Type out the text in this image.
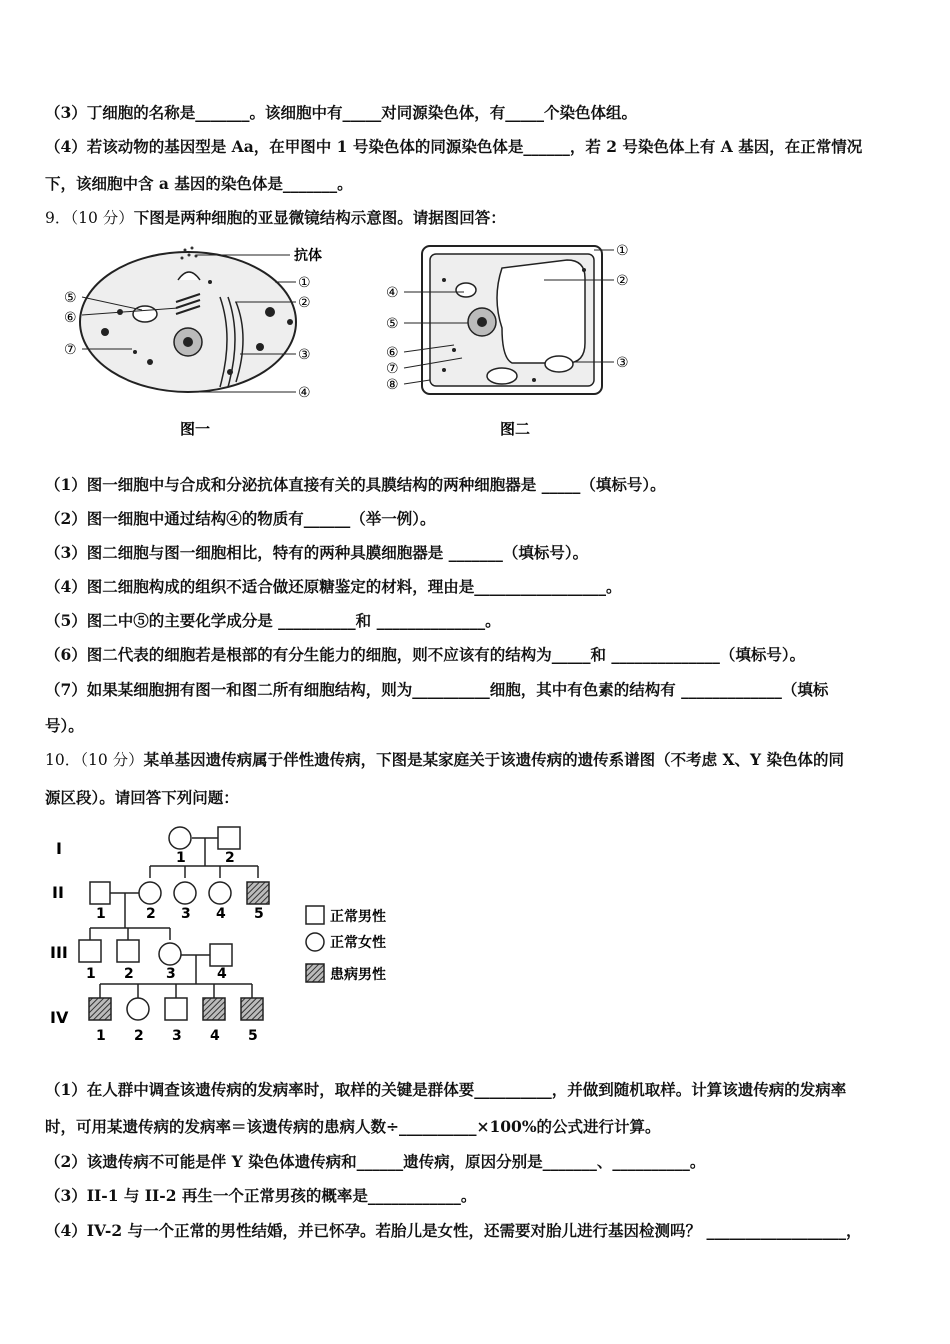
（3）丁细胞的名称是_______。该细胞中有_____对同源染色体，有_____个染色体组。
（4）若该动物的基因型是 Aa，在甲图中 1 号染色体的同源染色体是______，若 2 号染色体上有 A 基因，在正常情况
下，该细胞中含 a 基因的染色体是_______。
9．（10 分）下图是两种细胞的亚显微镜结构示意图。请据图回答：
抗体
①
②
③
④
⑤
⑥
⑦
图一
①
②
③
④
⑤
⑥
⑦
⑧
图二
（1）图一细胞中与合成和分泌抗体直接有关的具膜结构的两种细胞器是 _____（填标号）。
（2）图一细胞中通过结构④的物质有______（举一例）。
（3）图二细胞与图一细胞相比，特有的两种具膜细胞器是 _______（填标号）。
（4）图二细胞构成的组织不适合做还原糖鉴定的材料，理由是_________________。
（5）图二中⑤的主要化学成分是 __________和 ______________。
（6）图二代表的细胞若是根部的有分生能力的细胞，则不应该有的结构为_____和 ______________（填标号）。
（7）如果某细胞拥有图一和图二所有细胞结构，则为__________细胞，其中有色素的结构有 _____________（填标
号）。
10．（10 分）某单基因遗传病属于伴性遗传病，下图是某家庭关于该遗传病的遗传系谱图（不考虑 X、Y 染色体的同
源区段）。请回答下列问题：
I
II
III
IV
1	2
1	2 3 4 5
1 2 3	4
1 2 3 4 5
正常男性
正常女性
患病男性
（1）在人群中调查该遗传病的发病率时，取样的关键是群体要__________，并做到随机取样。计算该遗传病的发病率
时，可用某遗传病的发病率＝该遗传病的患病人数÷__________×100%的公式进行计算。
（2）该遗传病不可能是伴 Y 染色体遗传病和______遗传病，原因分别是_______、__________。
（3）II-1 与 II-2 再生一个正常男孩的概率是____________。
（4）IV-2 与一个正常的男性结婚，并已怀孕。若胎儿是女性，还需要对胎儿进行基因检测吗？ __________________，
